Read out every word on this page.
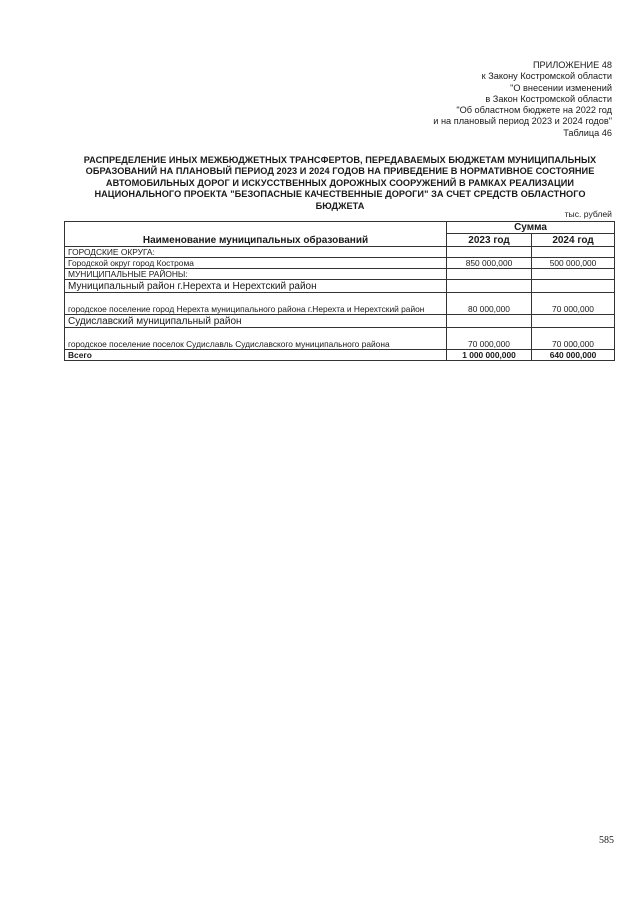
ПРИЛОЖЕНИЕ 48
к Закону Костромской области
"О внесении изменений
в Закон Костромской области
"Об областном бюджете на 2022 год
и на плановый период 2023 и 2024 годов"
Таблица 46
РАСПРЕДЕЛЕНИЕ ИНЫХ МЕЖБЮДЖЕТНЫХ ТРАНСФЕРТОВ, ПЕРЕДАВАЕМЫХ БЮДЖЕТАМ МУНИЦИПАЛЬНЫХ
ОБРАЗОВАНИЙ НА ПЛАНОВЫЙ ПЕРИОД 2023 И 2024 ГОДОВ НА ПРИВЕДЕНИЕ В НОРМАТИВНОЕ СОСТОЯНИЕ
АВТОМОБИЛЬНЫХ ДОРОГ И ИСКУССТВЕННЫХ ДОРОЖНЫХ СООРУЖЕНИЙ В РАМКАХ РЕАЛИЗАЦИИ
НАЦИОНАЛЬНОГО ПРОЕКТА "БЕЗОПАСНЫЕ КАЧЕСТВЕННЫЕ ДОРОГИ" ЗА СЧЕТ СРЕДСТВ ОБЛАСТНОГО
БЮДЖЕТА
тыс. рублей
Наименование муниципальных образований	Сумма	
	2023 год	2024 год
ГОРОДСКИЕ ОКРУГА:		
Городской округ город Кострома	850 000,000	500 000,000
МУНИЦИПАЛЬНЫЕ РАЙОНЫ:		
Муниципальный район г.Нерехта и Нерехтский район		
городское поселение город Нерехта муниципального района г.Нерехта и Нерехтский район	80 000,000	70 000,000
Судиславский муниципальный район		
городское поселение поселок Судиславль Судиславского муниципального района	70 000,000	70 000,000
Всего	1 000 000,000	640 000,000
585
